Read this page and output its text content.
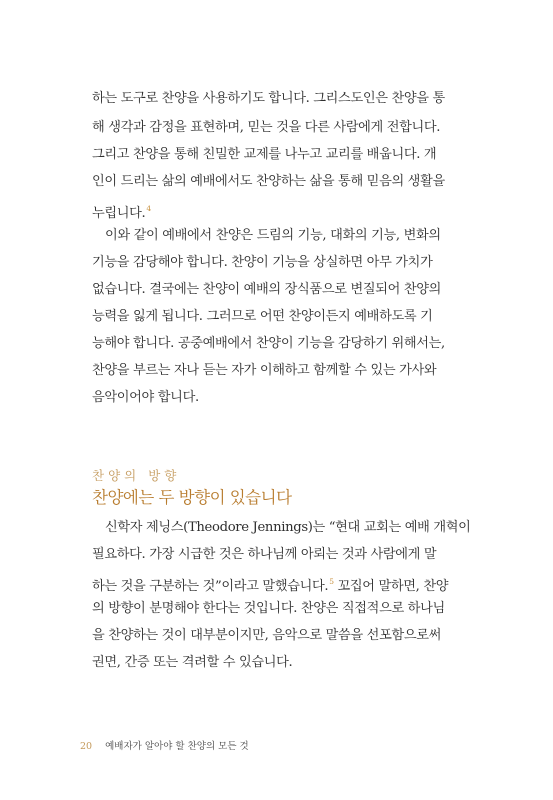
하는 도구로 찬양을 사용하기도 합니다. 그리스도인은 찬양을 통
해 생각과 감정을 표현하며, 믿는 것을 다른 사람에게 전합니다.
그리고 찬양을 통해 친밀한 교제를 나누고 교리를 배웁니다. 개
인이 드리는 삶의 예배에서도 찬양하는 삶을 통해 믿음의 생활을
누립니다.$^4$
이와 같이 예배에서 찬양은 드림의 기능, 대화의 기능, 변화의
기능을 감당해야 합니다. 찬양이 기능을 상실하면 아무 가치가
없습니다. 결국에는 찬양이 예배의 장식품으로 변질되어 찬양의
능력을 잃게 됩니다. 그러므로 어떤 찬양이든지 예배하도록 기
능해야 합니다. 공중예배에서 찬양이 기능을 감당하기 위해서는,
찬양을 부르는 자나 듣는 자가 이해하고 함께할 수 있는 가사와
음악이어야 합니다.
찬양의 방향
찬양에는 두 방향이 있습니다
신학자 제닝스(Theodore Jennings)는 “현대 교회는 예배 개혁이
필요하다. 가장 시급한 것은 하나님께 아뢰는 것과 사람에게 말
하는 것을 구분하는 것”이라고 말했습니다.$^5$ 꼬집어 말하면, 찬양
의 방향이 분명해야 한다는 것입니다. 찬양은 직접적으로 하나님
을 찬양하는 것이 대부분이지만, 음악으로 말씀을 선포함으로써
권면, 간증 또는 격려할 수 있습니다.
20 예배자가 알아야 할 찬양의 모든 것
